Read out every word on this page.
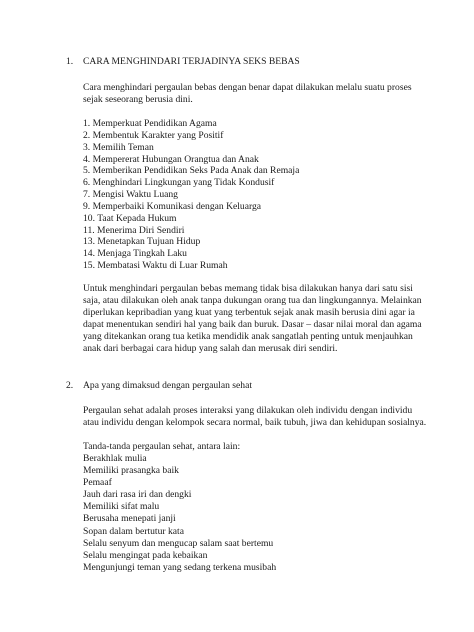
1. CARA MENGHINDARI TERJADINYA SEKS BEBAS
Cara menghindari pergaulan bebas dengan benar dapat dilakukan melalu suatu proses
sejak seseorang berusia dini.
1. Memperkuat Pendidikan Agama
2. Membentuk Karakter yang Positif
3. Memilih Teman
4. Mempererat Hubungan Orangtua dan Anak
5. Memberikan Pendidikan Seks Pada Anak dan Remaja
6. Menghindari Lingkungan yang Tidak Kondusif
7. Mengisi Waktu Luang
9. Memperbaiki Komunikasi dengan Keluarga
10. Taat Kepada Hukum
11. Menerima Diri Sendiri
13. Menetapkan Tujuan Hidup
14. Menjaga Tingkah Laku
15. Membatasi Waktu di Luar Rumah
Untuk menghindari pergaulan bebas memang tidak bisa dilakukan hanya dari satu sisi
saja, atau dilakukan oleh anak tanpa dukungan orang tua dan lingkungannya. Melainkan
diperlukan kepribadian yang kuat yang terbentuk sejak anak masih berusia dini agar ia
dapat menentukan sendiri hal yang baik dan buruk. Dasar – dasar nilai moral dan agama
yang ditekankan orang tua ketika mendidik anak sangatlah penting untuk menjauhkan
anak dari berbagai cara hidup yang salah dan merusak diri sendiri.
2. Apa yang dimaksud dengan pergaulan sehat
Pergaulan sehat adalah proses interaksi yang dilakukan oleh individu dengan individu
atau individu dengan kelompok secara normal, baik tubuh, jiwa dan kehidupan sosialnya.
Tanda-tanda pergaulan sehat, antara lain:
Berakhlak mulia
Memiliki prasangka baik
Pemaaf
Jauh dari rasa iri dan dengki
Memiliki sifat malu
Berusaha menepati janji
Sopan dalam bertutur kata
Selalu senyum dan mengucap salam saat bertemu
Selalu mengingat pada kebaikan
Mengunjungi teman yang sedang terkena musibah
